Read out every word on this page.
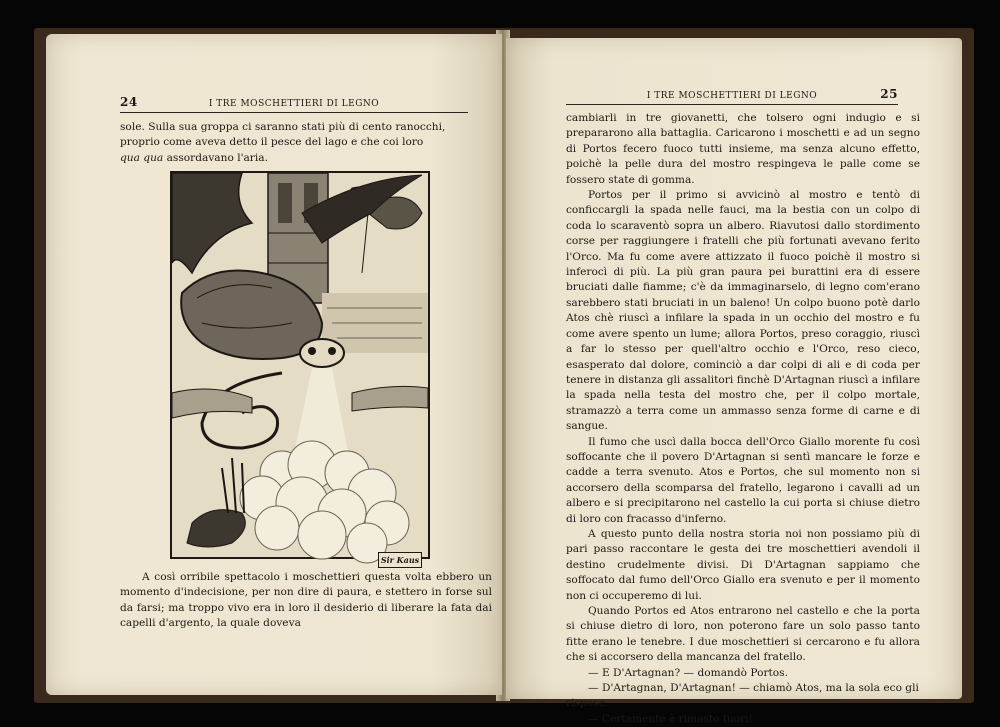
24	I TRE MOSCHETTIERI DI LEGNO

sole. Sulla sua groppa ci saranno stati più di cento ranocchi,

proprio come aveva detto il pesce del lago e che coi loro

qua qua assordavano l'aria.

Sir Kaus

A così orribile spettacolo i moschettieri questa volta ebbero un momento d'indecisione, per non dire di paura, e stettero in forse sul da farsi; ma troppo vivo era in loro il desiderio di liberare la fata dai capelli d'argento, la quale doveva

I TRE MOSCHETTIERI DI LEGNO	25

cambiarli in tre giovanetti, che tolsero ogni indugio e si prepararono alla battaglia. Caricarono i moschetti e ad un segno di Portos fecero fuoco tutti insieme, ma senza alcuno effetto, poichè la pelle dura del mostro respingeva le palle come se fossero state di gomma.

Portos per il primo si avvicinò al mostro e tentò di conficcargli la spada nelle fauci, ma la bestia con un colpo di coda lo scaraventò sopra un albero. Riavutosi dallo stordimento corse per raggiungere i fratelli che più fortunati avevano ferito l'Orco. Ma fu come avere attizzato il fuoco poichè il mostro si inferocì di più. La più gran paura pei burattini era di essere bruciati dalle fiamme; c'è da immaginarselo, di legno com'erano sarebbero stati bruciati in un baleno! Un colpo buono potè darlo Atos chè riuscì a infilare la spada in un occhio del mostro e fu come avere spento un lume; allora Portos, preso coraggio, riuscì a far lo stesso per quell'altro occhio e l'Orco, reso cieco, esasperato dal dolore, cominciò a dar colpi di ali e di coda per tenere in distanza gli assalitori finchè D'Artagnan riuscì a infilare la spada nella testa del mostro che, per il colpo mortale, stramazzò a terra come un ammasso senza forme di carne e di sangue.

Il fumo che uscì dalla bocca dell'Orco Giallo morente fu così soffocante che il povero D'Artagnan si sentì mancare le forze e cadde a terra svenuto. Atos e Portos, che sul momento non si accorsero della scomparsa del fratello, legarono i cavalli ad un albero e si precipitarono nel castello la cui porta si chiuse dietro di loro con fracasso d'inferno.

A questo punto della nostra storia noi non possiamo più di pari passo raccontare le gesta dei tre moschettieri avendoli il destino crudelmente divisi. Di D'Artagnan sappiamo che soffocato dal fumo dell'Orco Giallo era svenuto e per il momento non ci occuperemo di lui.

Quando Portos ed Atos entrarono nel castello e che la porta si chiuse dietro di loro, non poterono fare un solo passo tanto fitte erano le tenebre. I due moschettieri si cercarono e fu allora che si accorsero della mancanza del fratello.

— E D'Artagnan? — domandò Portos.

— D'Artagnan, D'Artagnan! — chiamò Atos, ma la sola eco gli rispose.

— Certamente è rimasto fuori!
